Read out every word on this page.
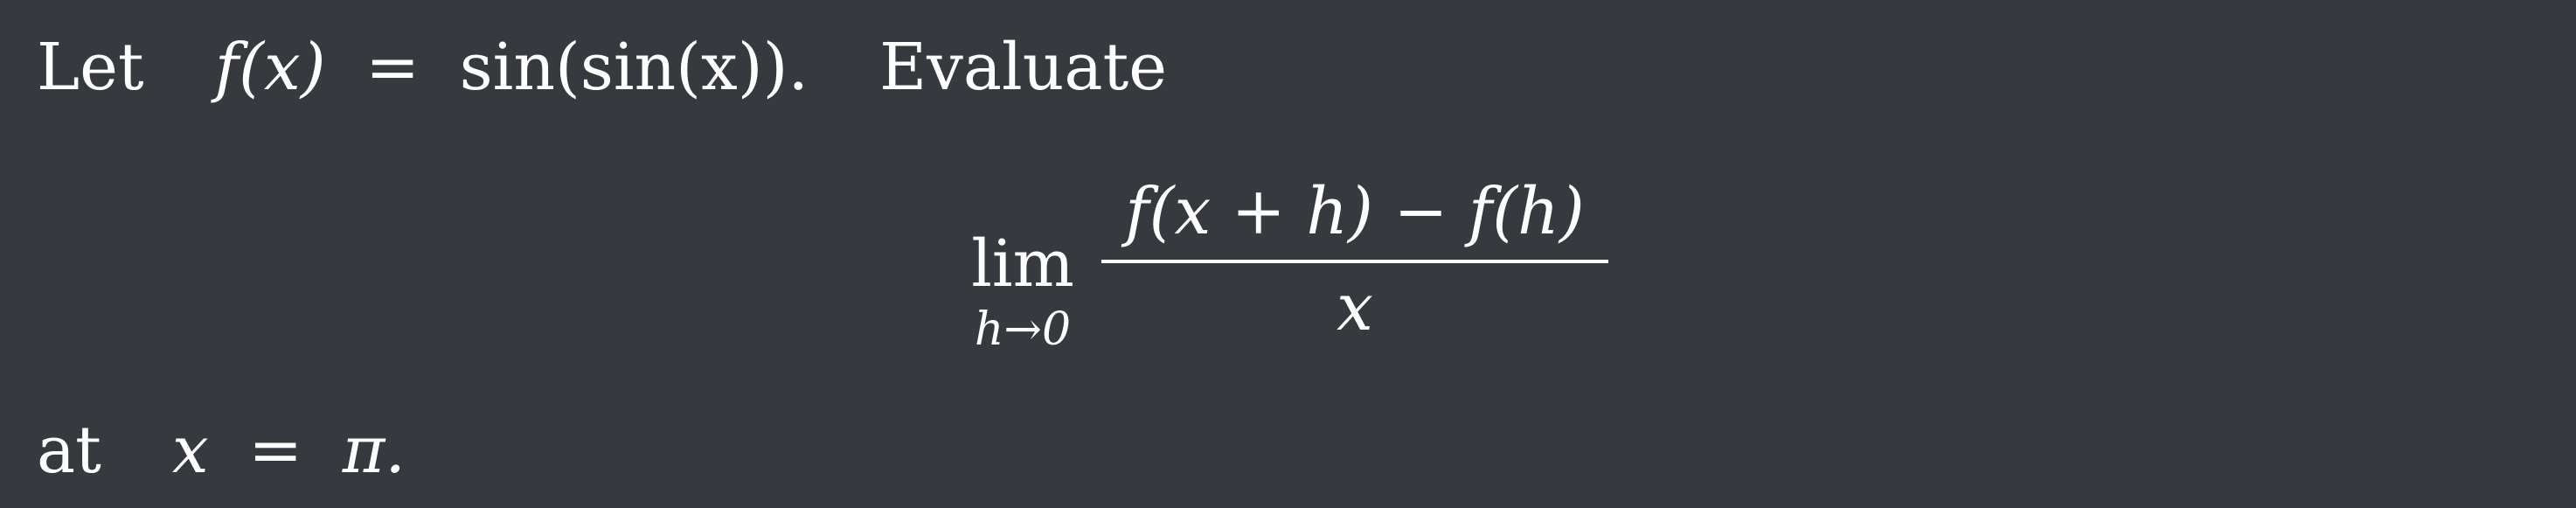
Let f(x) = sin(sin(x)). Evaluate
lim
h→0
f(x + h) − f(h)
x
at x = π.
